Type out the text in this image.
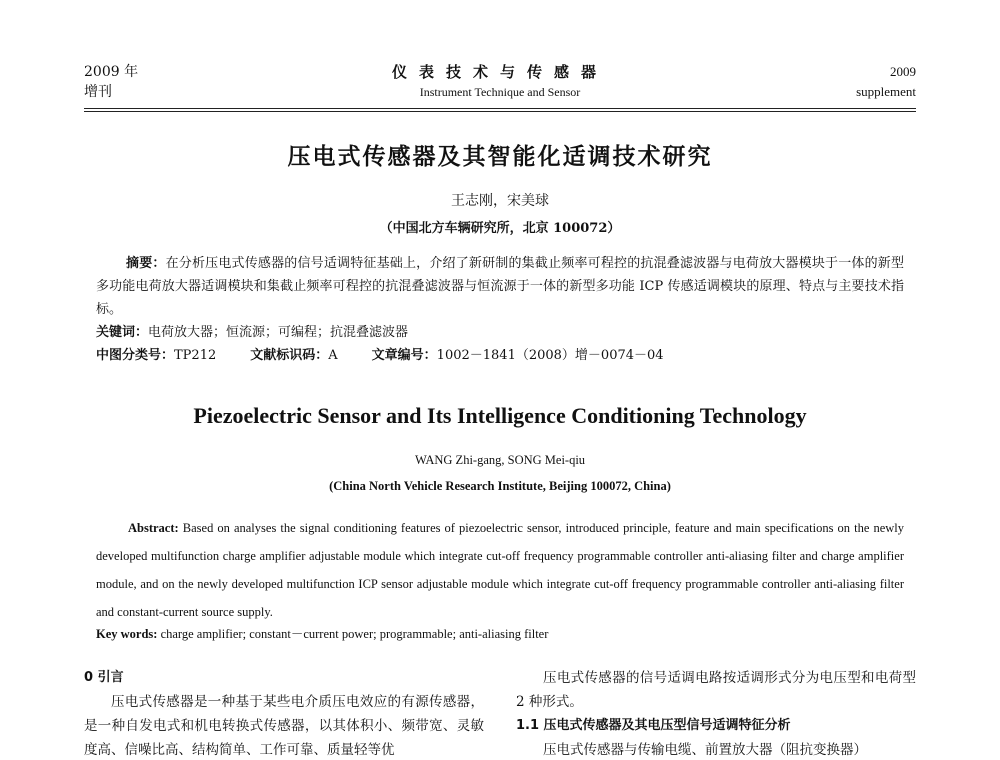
2009 年
增刊
仪表技术与传感器
Instrument Technique and Sensor
2009
supplement
压电式传感器及其智能化适调技术研究
王志刚，宋美球
（中国北方车辆研究所，北京 100072）
摘要：在分析压电式传感器的信号适调特征基础上，介绍了新研制的集截止频率可程控的抗混叠滤波器与电荷放大器模块于一体的新型多功能电荷放大器适调模块和集截止频率可程控的抗混叠滤波器与恒流源于一体的新型多功能 ICP 传感适调模块的原理、特点与主要技术指标。
关键词：电荷放大器；恒流源；可编程；抗混叠滤波器
中图分类号：TP212	文献标识码：A	文章编号：1002－1841（2008）增－0074－04
Piezoelectric Sensor and Its Intelligence Conditioning Technology
WANG Zhi-gang, SONG Mei-qiu
(China North Vehicle Research Institute, Beijing 100072, China)
Abstract: Based on analyses the signal conditioning features of piezoelectric sensor, introduced principle, feature and main specifications on the newly developed multifunction charge amplifier adjustable module which integrate cut-off frequency programmable controller anti-aliasing filter and charge amplifier module, and on the newly developed multifunction ICP sensor adjustable module which integrate cut-off frequency programmable controller anti-aliasing filter and constant-current source supply.
Key words: charge amplifier; constant－current power; programmable; anti-aliasing filter
0 引言
压电式传感器是一种基于某些电介质压电效应的有源传感器，是一种自发电式和机电转换式传感器，以其体积小、频带宽、灵敏度高、信噪比高、结构简单、工作可靠、质量轻等优
压电式传感器的信号适调电路按适调形式分为电压型和电荷型 2 种形式。
1.1 压电式传感器及其电压型信号适调特征分析
压电式传感器与传输电缆、前置放大器（阻抗变换器）
